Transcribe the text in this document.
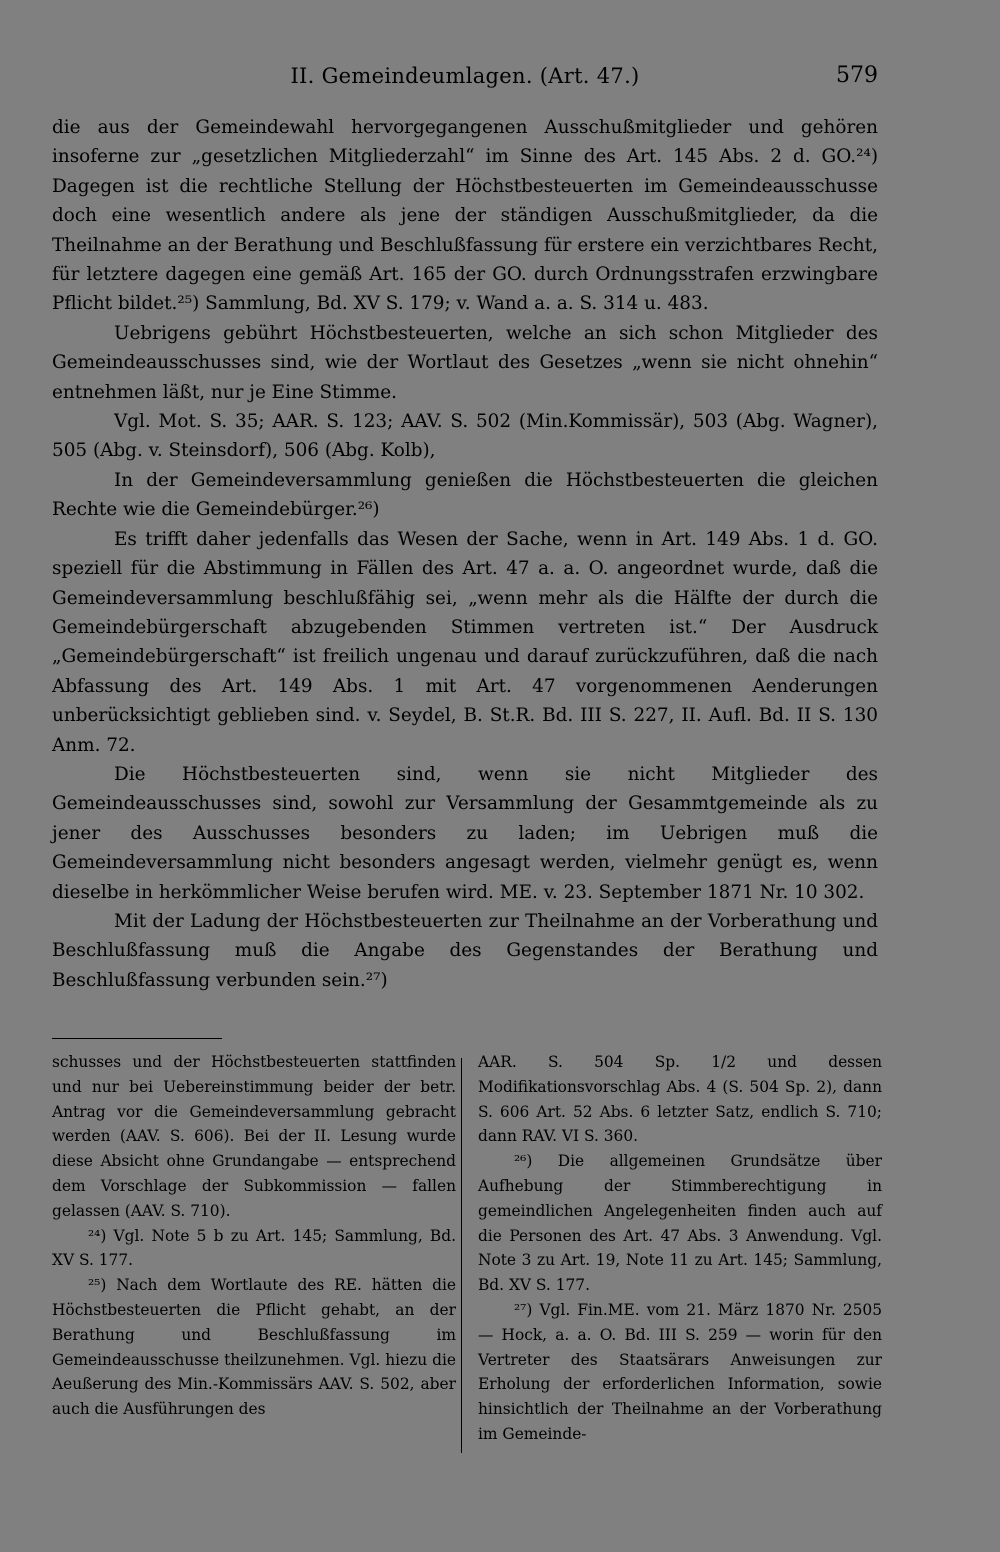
II. Gemeindeumlagen. (Art. 47.)	579

die aus der Gemeindewahl hervorgegangenen Ausschußmitglieder und gehören insoferne zur „gesetzlichen Mitgliederzahl“ im Sinne des Art. 145 Abs. 2 d. GO.²⁴) Dagegen ist die rechtliche Stellung der Höchstbesteuerten im Gemeindeausschusse doch eine wesentlich andere als jene der ständigen Ausschußmitglieder, da die Theilnahme an der Berathung und Beschlußfassung für erstere ein verzichtbares Recht, für letztere dagegen eine gemäß Art. 165 der GO. durch Ordnungsstrafen erzwingbare Pflicht bildet.²⁵) Sammlung, Bd. XV S. 179; v. Wand a. a. S. 314 u. 483.

Uebrigens gebührt Höchstbesteuerten, welche an sich schon Mitglieder des Gemeindeausschusses sind, wie der Wortlaut des Gesetzes „wenn sie nicht ohnehin“ entnehmen läßt, nur je Eine Stimme.

Vgl. Mot. S. 35; AAR. S. 123; AAV. S. 502 (Min.Kommissär), 503 (Abg. Wagner), 505 (Abg. v. Steinsdorf), 506 (Abg. Kolb),

In der Gemeindeversammlung genießen die Höchstbesteuerten die gleichen Rechte wie die Gemeindebürger.²⁶)

Es trifft daher jedenfalls das Wesen der Sache, wenn in Art. 149 Abs. 1 d. GO. speziell für die Abstimmung in Fällen des Art. 47 a. a. O. angeordnet wurde, daß die Gemeindeversammlung beschlußfähig sei, „wenn mehr als die Hälfte der durch die Gemeindebürgerschaft abzugebenden Stimmen vertreten ist.“ Der Ausdruck „Gemeindebürgerschaft“ ist freilich ungenau und darauf zurückzuführen, daß die nach Abfassung des Art. 149 Abs. 1 mit Art. 47 vorgenommenen Aenderungen unberücksichtigt geblieben sind. v. Seydel, B. St.R. Bd. III S. 227, II. Aufl. Bd. II S. 130 Anm. 72.

Die Höchstbesteuerten sind, wenn sie nicht Mitglieder des Gemeindeausschusses sind, sowohl zur Versammlung der Gesammtgemeinde als zu jener des Ausschusses besonders zu laden; im Uebrigen muß die Gemeindeversammlung nicht besonders angesagt werden, vielmehr genügt es, wenn dieselbe in herkömmlicher Weise berufen wird. ME. v. 23. September 1871 Nr. 10 302.

Mit der Ladung der Höchstbesteuerten zur Theilnahme an der Vorberathung und Beschlußfassung muß die Angabe des Gegenstandes der Berathung und Beschlußfassung verbunden sein.²⁷)

schusses und der Höchstbesteuerten stattfinden und nur bei Uebereinstimmung beider der betr. Antrag vor die Gemeindeversammlung gebracht werden (AAV. S. 606). Bei der II. Lesung wurde diese Absicht ohne Grundangabe — entsprechend dem Vorschlage der Subkommission — fallen gelassen (AAV. S. 710).

²⁴) Vgl. Note 5 b zu Art. 145; Sammlung, Bd. XV S. 177.

²⁵) Nach dem Wortlaute des RE. hätten die Höchstbesteuerten die Pflicht gehabt, an der Berathung und Beschlußfassung im Gemeindeausschusse theilzunehmen. Vgl. hiezu die Aeußerung des Min.-Kommissärs AAV. S. 502, aber auch die Ausführungen des

AAR. S. 504 Sp. 1/2 und dessen Modifikationsvorschlag Abs. 4 (S. 504 Sp. 2), dann S. 606 Art. 52 Abs. 6 letzter Satz, endlich S. 710; dann RAV. VI S. 360.

²⁶) Die allgemeinen Grundsätze über Aufhebung der Stimmberechtigung in gemeindlichen Angelegenheiten finden auch auf die Personen des Art. 47 Abs. 3 Anwendung. Vgl. Note 3 zu Art. 19, Note 11 zu Art. 145; Sammlung, Bd. XV S. 177.

²⁷) Vgl. Fin.ME. vom 21. März 1870 Nr. 2505 — Hock, a. a. O. Bd. III S. 259 — worin für den Vertreter des Staatsärars Anweisungen zur Erholung der erforderlichen Information, sowie hinsichtlich der Theilnahme an der Vorberathung im Gemeinde-
